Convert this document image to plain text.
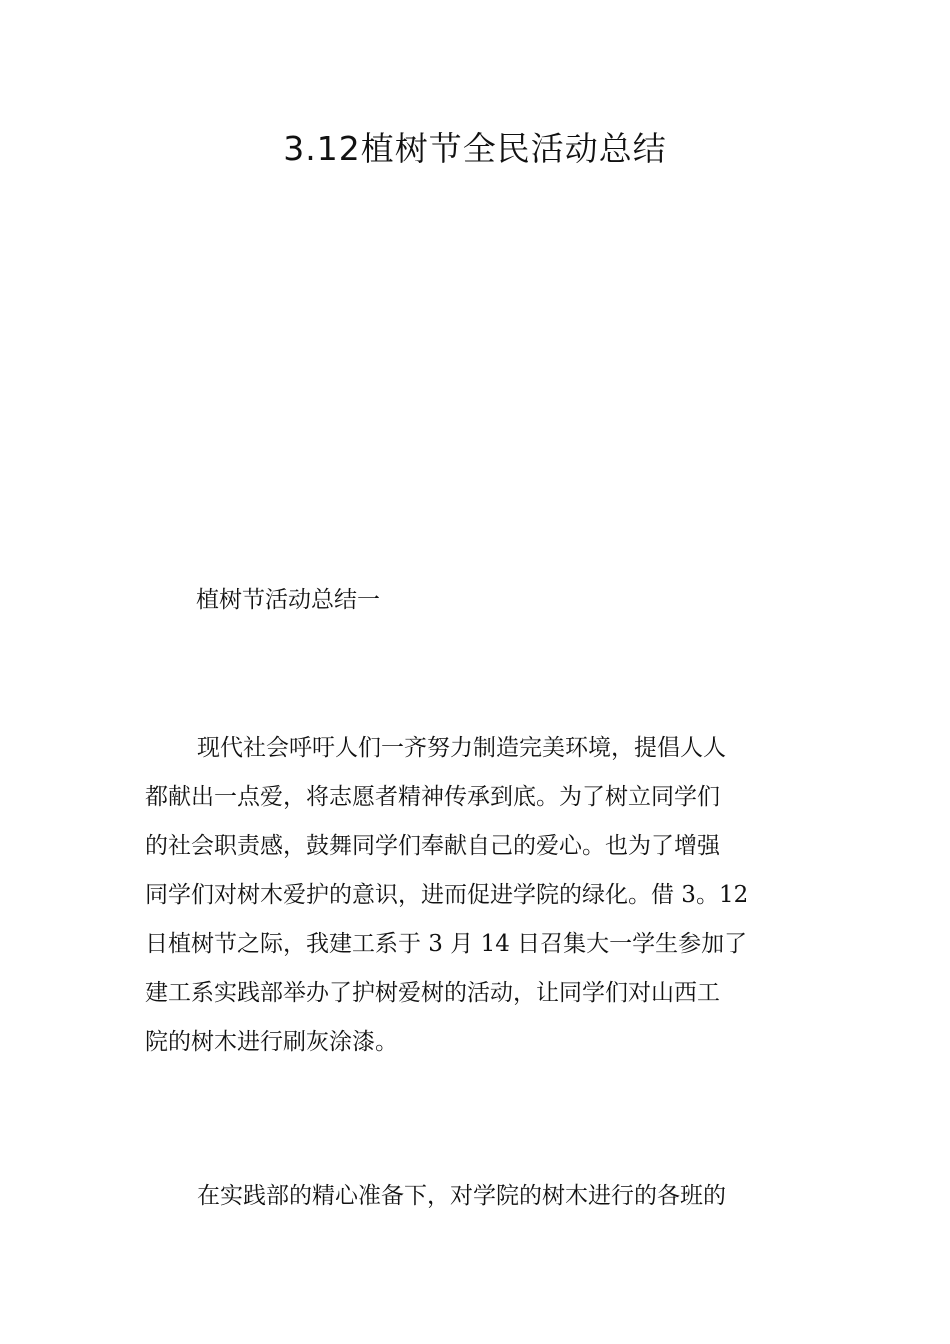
3.12植树节全民活动总结
植树节活动总结一
现代社会呼吁人们一齐努力制造完美环境，提倡人人
都献出一点爱，将志愿者精神传承到底。为了树立同学们
的社会职责感，鼓舞同学们奉献自己的爱心。也为了增强
同学们对树木爱护的意识，进而促进学院的绿化。借 3。12
日植树节之际，我建工系于 3 月 14 日召集大一学生参加了
建工系实践部举办了护树爱树的活动，让同学们对山西工
院的树木进行刷灰涂漆。
在实践部的精心准备下，对学院的树木进行的各班的
